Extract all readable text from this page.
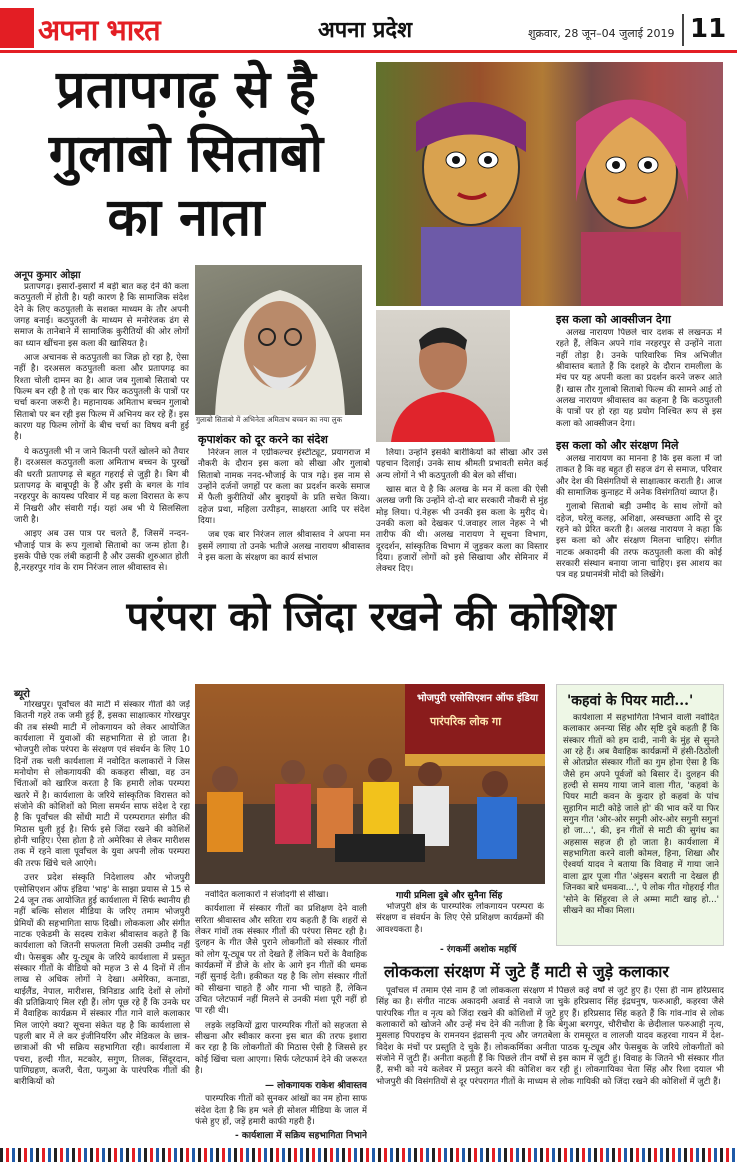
अपना भारत	अपना प्रदेश	शुक्रवार, 28 जून–04 जुलाई 2019 11
प्रतापगढ़ से है
गुलाबो सिताबो
का नाता
अनूप कुमार ओझा

प्रतापगढ़। इसारों-इसारों में बड़ी बात कह देने की कला कठपुतली में होती है। यही कारण है कि सामाजिक संदेश देने के लिए कठपुतली के सशक्त माध्यम के तौर अपनी जगह बनाई। कठपुतली के माध्यम से मनोरंजक ढंग से समाज के तानेबाने में सामाजिक कुरीतियों की ओर लोगों का ध्यान खींचना इस कला की खासियत है।

आज अचानक से कठपुतली का जिक्र हो रहा है, ऐसा नहीं है। दरअसल कठपुतली कला और प्रतापगढ़ का रिश्ता चोली दामन का है। आज जब गुलाबो सिताबो पर फिल्म बन रही है तो एक बार फिर कठपुतली के पात्रों पर चर्चा करना जरूरी है। महानायक अमिताभ बच्चन गुलाबो सिताबो पर बन रही इस फिल्म में अभिनय कर रहे हैं। इस कारण यह फिल्म लोगों के बीच चर्चा का विषय बनी हुई है।

ये कठपुतली भी न जाने कितनी परतें खोलने को तैयार हैं। दरअसल कठपुतली कला अमिताभ बच्चन के पुरखों की धरती प्रतापगढ़ से बहुत गहराई से जुड़ी है। बिग बी प्रतापगढ़ के बाबूपट्टी के हैं और इसी के बगल के गांव नरहरपुर के कायस्थ परिवार में यह कला विरासत के रूप में निखरी और संवारी गई। यहां अब भी ये सिलसिला जारी है।

आइए अब उस पात्र पर चलते हैं, जिसमें नन्दन-भौजाई पात्र के रूप गुलाबो सिताबो का जन्म होता है। इसके पीछे एक लंबी कहानी है और उसकी शुरुआत होती है,नरहरपुर गांव के राम निरंजन लाल श्रीवास्तव से।

गुलाबो सिताबो में अभिनेता अमिताभ बच्चन का नया लुक
कृपाशंकर को दूर करने का संदेश

निरंजन लाल ने एग्रीकल्चर इंस्टीट्यूट, प्रयागराज में नौकरी के दौरान इस कला को सीखा और गुलाबो सिताबो नामक ननद-भौजाई के पात्र गढ़े। इस नाम से उन्होंने दर्जनों जगहों पर कला का प्रदर्शन करके समाज में फैली कुरीतियों और बुराइयों के प्रति सचेत किया। दहेज प्रथा, महिला उत्पीड़न, साक्षरता आदि पर संदेश दिया।

जब एक बार निरंजन लाल श्रीवास्तव ने अपना मन इसमें लगाया तो उनके भतीजे अलख नारायण श्रीवास्तव ने इस कला के संरक्षण का कार्य संभाल

लिया। उन्होंने इसकी बारीकियों को सीखा और उसे पहचान दिलाई। उनके साथ श्रीमती प्रभावती समेत कई अन्य लोगों ने भी कठपुतली की बेल को सींचा।

खास बात ये है कि अलख के मन में कला की ऐसी अलख जगी कि उन्होंने दो-दो बार सरकारी नौकरी से मुंह मोड़ लिया। पं.नेहरू भी उनकी इस कला के मुरीद थे। उनकी कला को देखकर पं.जवाहर लाल नेहरू ने भी तारीफ की थी। अलख नारायण ने सूचना विभाग, दूरदर्शन, सांस्कृतिक विभाग में जुड़कर कला का विस्तार दिया। हजारों लोगों को इसे सिखाया और सेमिनार में लेक्चर दिए।

इस कला को आक्सीजन देगा

अलख नारायण पिछले चार दशक से लखनऊ में रहते हैं, लेकिन अपने गांव नरहरपुर से उन्होंने नाता नहीं तोड़ा है। उनके पारिवारिक मित्र अभिजीत श्रीवास्तव बताते हैं कि दशहरे के दौरान रामलीला के मंच पर यह अपनी कला का प्रदर्शन करने जरूर आते हैं। खास तौर गुलाबो सिताबो फिल्म की सामने आई तो अलख नारायण श्रीवास्तव का कहना है कि कठपुतली के पात्रों पर हो रहा यह प्रयोग निश्चित रूप से इस कला को आक्सीजन देगा।

इस कला को और संरक्षण मिले

अलख नारायण का मानना है कि इस कला में जो ताकत है कि वह बहुत ही सहज ढंग से समाज, परिवार और देश की विसंगतियों से साक्षात्कार कराती है। आज की सामाजिक कुनाहट में अनेक विसंगतियां व्याप्त हैं।

गुलाबो सिताबो बड़ी उम्मीद के साथ लोगों को दहेज, घरेलू कलह, अशिक्षा, अस्वच्छता आदि से दूर रहने को प्रेरित करती है। अलख नारायण ने कहा कि इस कला को और संरक्षण मिलना चाहिए। संगीत नाटक अकादमी की तरफ कठपुतली कला की कोई सरकारी संस्थान बनाया जाना चाहिए। इस आशय का पत्र वह प्रधानमंत्री मोदी को लिखेंगे।

परंपरा को जिंदा रखने की कोशिश
ब्यूरो

गोरखपुर। पूर्वांचल की माटी में संस्कार गीतों की जड़ें कितनी गहरे तक जमी हुई हैं, इसका साक्षात्कार गोरखपुर की तब संस्थी माटी में लोकगायन को लेकर आयोजित कार्यशाला में युवाओं की सहभागिता से हो जाता है। भोजपुरी लोक परंपरा के संरक्षण एवं संवर्धन के लिए 10 दिनों तक चली कार्यशाला में नवोदित कलाकारों ने जिस मनोयोग से लोकगायकी की ककहरा सीखा, वह उन चिंताओं को खारिज करता है कि हमारी लोक परम्परा खतरे में है। कार्यशाला के जरिये सांस्कृतिक विरासत को संजोने की कोशिशों को मिला समर्थन साफ संदेश दे रहा है कि पूर्वांचल की सोंधी माटी में परम्परागत संगीत की मिठास घुली हुई है। सिर्फ इसे जिंदा रखने की कोशिशें होनी चाहिए। ऐसा होता है तो अमेरिका से लेकर मारीशस तक में रहने वाला पूर्वांचल के युवा अपनी लोक परम्परा की तरफ खिंचे चले आएंगे।

उत्तर प्रदेश संस्कृति निदेशालय और भोजपुरी एसोसिएशन ऑफ इंडिया 'भाइ' के साझा प्रयास से 15 से 24 जून तक आयोजित हुई कार्यशाला में सिर्फ स्थानीय ही नहीं बल्कि सोशल मीडिया के जरिए तमाम भोजपुरी प्रेमियों की सहभागिता साफ दिखी। लोककला और संगीत नाटक एकेडमी के सदस्य राकेश श्रीवास्तव कहते हैं कि कार्यशाला को जितनी सफलता मिली उसकी उम्मीद नहीं थी। फेसबुक और यू-ट्यूब के जरिये कार्यशाला में प्रस्तुत संस्कार गीतों के वीडियो को महज 3 से 4 दिनों में तीन लाख से अधिक लोगों ने देखा। अमेरिका, कनाडा, थाईलैंड, नेपाल, मारीशस, त्रिनिडाड आदि देशों से लोगों की प्रतिक्रियाएं मिल रही हैं। लोग पूछ रहे हैं कि उनके घर में वैवाहिक कार्यक्रम में संस्कार गीत गाने वाले कलाकार मिल जाएंगे क्या? सूचना संकेत यह है कि कार्यशाला से पहली बार में ले कर इंजीनियरिंग और मेडिकल के छात्र-छात्राओं की भी सक्रिय सहभागिता रही। कार्यशाला में पचरा, हल्दी गीत, मटकोर, सगुण, तिलक, सिंदूरदान, पाणिग्रहण, कजरी, चैता, फगुआ के पारंपरिक गीतों की बारीकियों को

भोजपुरी एसोसिएशन ऑफ इंडिया
पारंपरिक लोक गा

नवोदित कलाकारों ने संजोदगी से सीखा।

कार्यशाला में संस्कार गीतों का प्रशिक्षण देने वाली सरिता श्रीवास्तव और सरिता राय कहती हैं कि शहरों से लेकर गांवों तक संस्कार गीतों की परंपरा सिमट रही है। दुलहन के गीत जैसे पुराने लोकगीतों को संस्कार गीतों को लोग यू-ट्यूब पर तो देखते हैं लेकिन घरों के वैवाहिक कार्यक्रमों में डीजे के शोर के आगे इन गीतों की धमक नहीं सुनाई देती। हकीकत यह है कि लोग संस्कार गीतों को सीखना चाहते हैं और गाना भी चाहते हैं, लेकिन उचित प्लेटफार्म नहीं मिलने से उनकी मंशा पूरी नहीं हो पा रही थी।

लड़के लड़कियों द्वारा पारम्परिक गीतों को सहजता से सीखना और स्वीकार करना इस बात की तरफ इशारा कर रहा है कि लोकगीतों की मिठास ऐसी है जिससे हर कोई खिंचा चला आएगा। सिर्फ प्लेटफार्म देने की जरूरत है।

— लोकगायक राकेश श्रीवास्तव

पारम्परिक गीतों को सुनकर आंखों का नम होना साफ संदेश देता है कि हम भले ही सोशल मीडिया के जाल में फंसे हुए हों, जड़ें हमारी काफी गहरी हैं।

- कार्यशाला में सक्रिय सहभागिता निभाने
गायी प्रमिला दुबे और सुनैना सिंह

भोजपुरी क्षेत्र के पारम्परिक लोकगायन परम्परा के संरक्षण व संवर्धन के लिए ऐसे प्रशिक्षण कार्यक्रमों की आवश्यकता है।

- रंगकर्मी अशोक महर्षि
'कहवां के पियर माटी...'

कार्यशाला में सहभागिता निभाने वाली नवोदित कलाकार अनन्या सिंह और सृष्टि दुबे कहती हैं कि संस्कार गीतों को हम दादी, नानी के मुंह से सुनते आ रहे हैं। अब वैवाहिक कार्यक्रमों में हंसी-ठिठोली से ओतप्रोत संस्कार गीतों का गुम होना ऐसा है कि जैसे हम अपने पूर्वजों को बिसार दें। दुलहन की हल्दी से समय गाया जाने वाला गीत, 'कहवां के पियर माटी कवन के कुदार हो कहवां के पांच सुहागिन माटी कोड़े जाले हो' की भाव करें या फिर सगुन गीत 'ओर-ओर सगुनी ओर-ओर सगुनी सगुनां हो जा...', की, इन गीतों से माटी की सुगंध का अहसास सहज ही हो जाता है। कार्यशाला में सहभागिता करने वाली कोमल, हिना, शिखा और ऐश्वर्या यादव ने बताया कि विवाह में गाया जाने वाला द्वार पूजा गीत 'अंइसन बराती ना देखल ही जिनका बारे धमकवा...', पे लोक गीत गोहराई गीत 'सोने के सिंहुरवा ले ले अम्मा माटी खाइ हो...' सीखने का मौका मिला।

लोककला संरक्षण में जुटे हैं माटी से जुड़े कलाकार

पूर्वांचल में तमाम ऐसे नाम हैं जो लोककला संरक्षण में पिछले कई वर्षों से जुटे हुए हैं। ऐसा ही नाम हरिप्रसाद सिंह का है। संगीत नाटक अकादमी अवार्ड से नवाजे जा चुके हरिप्रसाद सिंह इंद्रधनुष, फरुआही, कहरवा जैसे पारंपरिक गीत व नृत्य को जिंदा रखने की कोशिशों में जुटे हुए हैं। हरिप्रसाद सिंह कहते हैं कि गांव-गांव से लोक कलाकारों को खोजने और उन्हें मंच देने की नतीजा है कि बेगुआ बरगपुर, चौरीचौरा के छेदीलाल फरुआही नृत्य, मुसलाह पिपराइच के रामनयन इंद्रासनी नृत्य और जगतबेला के रामसूरत व लालजी यादव कहरवा गायन में देश-विदेश के मंचों पर प्रस्तुति दे चुके हैं। लोककर्मिका अनीता पाठक यू-ट्यूब और फेसबुक के जरिये लोकगीतों को संजोने में जुटी हैं। अनीता कहती हैं कि पिछले तीन वर्षों से इस काम में जुटी हूं। विवाह के जितने भी संस्कार गीत हैं, सभी को नये कलेवर में प्रस्तुत करने की कोशिश कर रही हूं। लोकगायिका चेता सिंह और रिशा दयाल भी भोजपुरी की विसंगतियों से दूर परंपरागत गीतों के माध्यम से लोक गायिकी को जिंदा रखने की कोशिशों में जुटी हैं।
